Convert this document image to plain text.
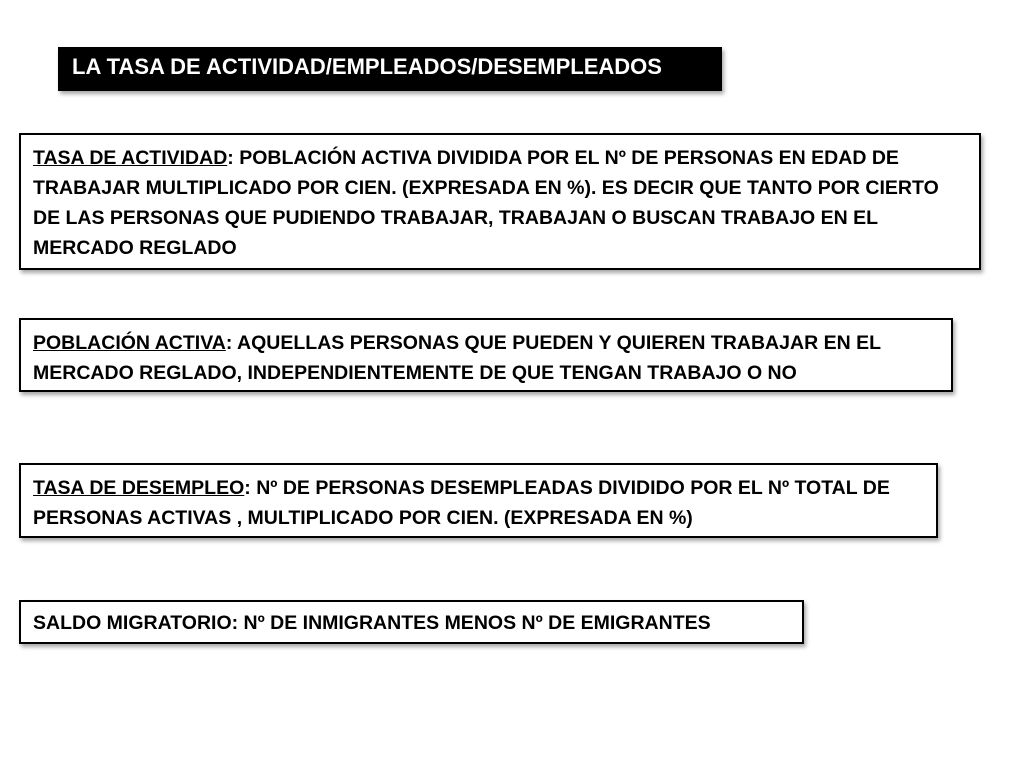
LA TASA DE ACTIVIDAD/EMPLEADOS/DESEMPLEADOS
TASA DE ACTIVIDAD: POBLACIÓN ACTIVA DIVIDIDA POR EL Nº DE PERSONAS EN EDAD DE TRABAJAR MULTIPLICADO POR CIEN. (EXPRESADA EN %). ES DECIR QUE TANTO POR CIERTO DE LAS PERSONAS QUE PUDIENDO TRABAJAR, TRABAJAN O BUSCAN TRABAJO EN EL MERCADO REGLADO
POBLACIÓN ACTIVA: AQUELLAS PERSONAS QUE PUEDEN Y QUIEREN TRABAJAR EN EL MERCADO REGLADO, INDEPENDIENTEMENTE DE QUE TENGAN TRABAJO O NO
TASA DE DESEMPLEO: Nº DE PERSONAS DESEMPLEADAS DIVIDIDO POR EL Nº TOTAL DE PERSONAS ACTIVAS , MULTIPLICADO POR CIEN. (EXPRESADA EN %)
SALDO MIGRATORIO: Nº DE INMIGRANTES MENOS Nº DE EMIGRANTES
